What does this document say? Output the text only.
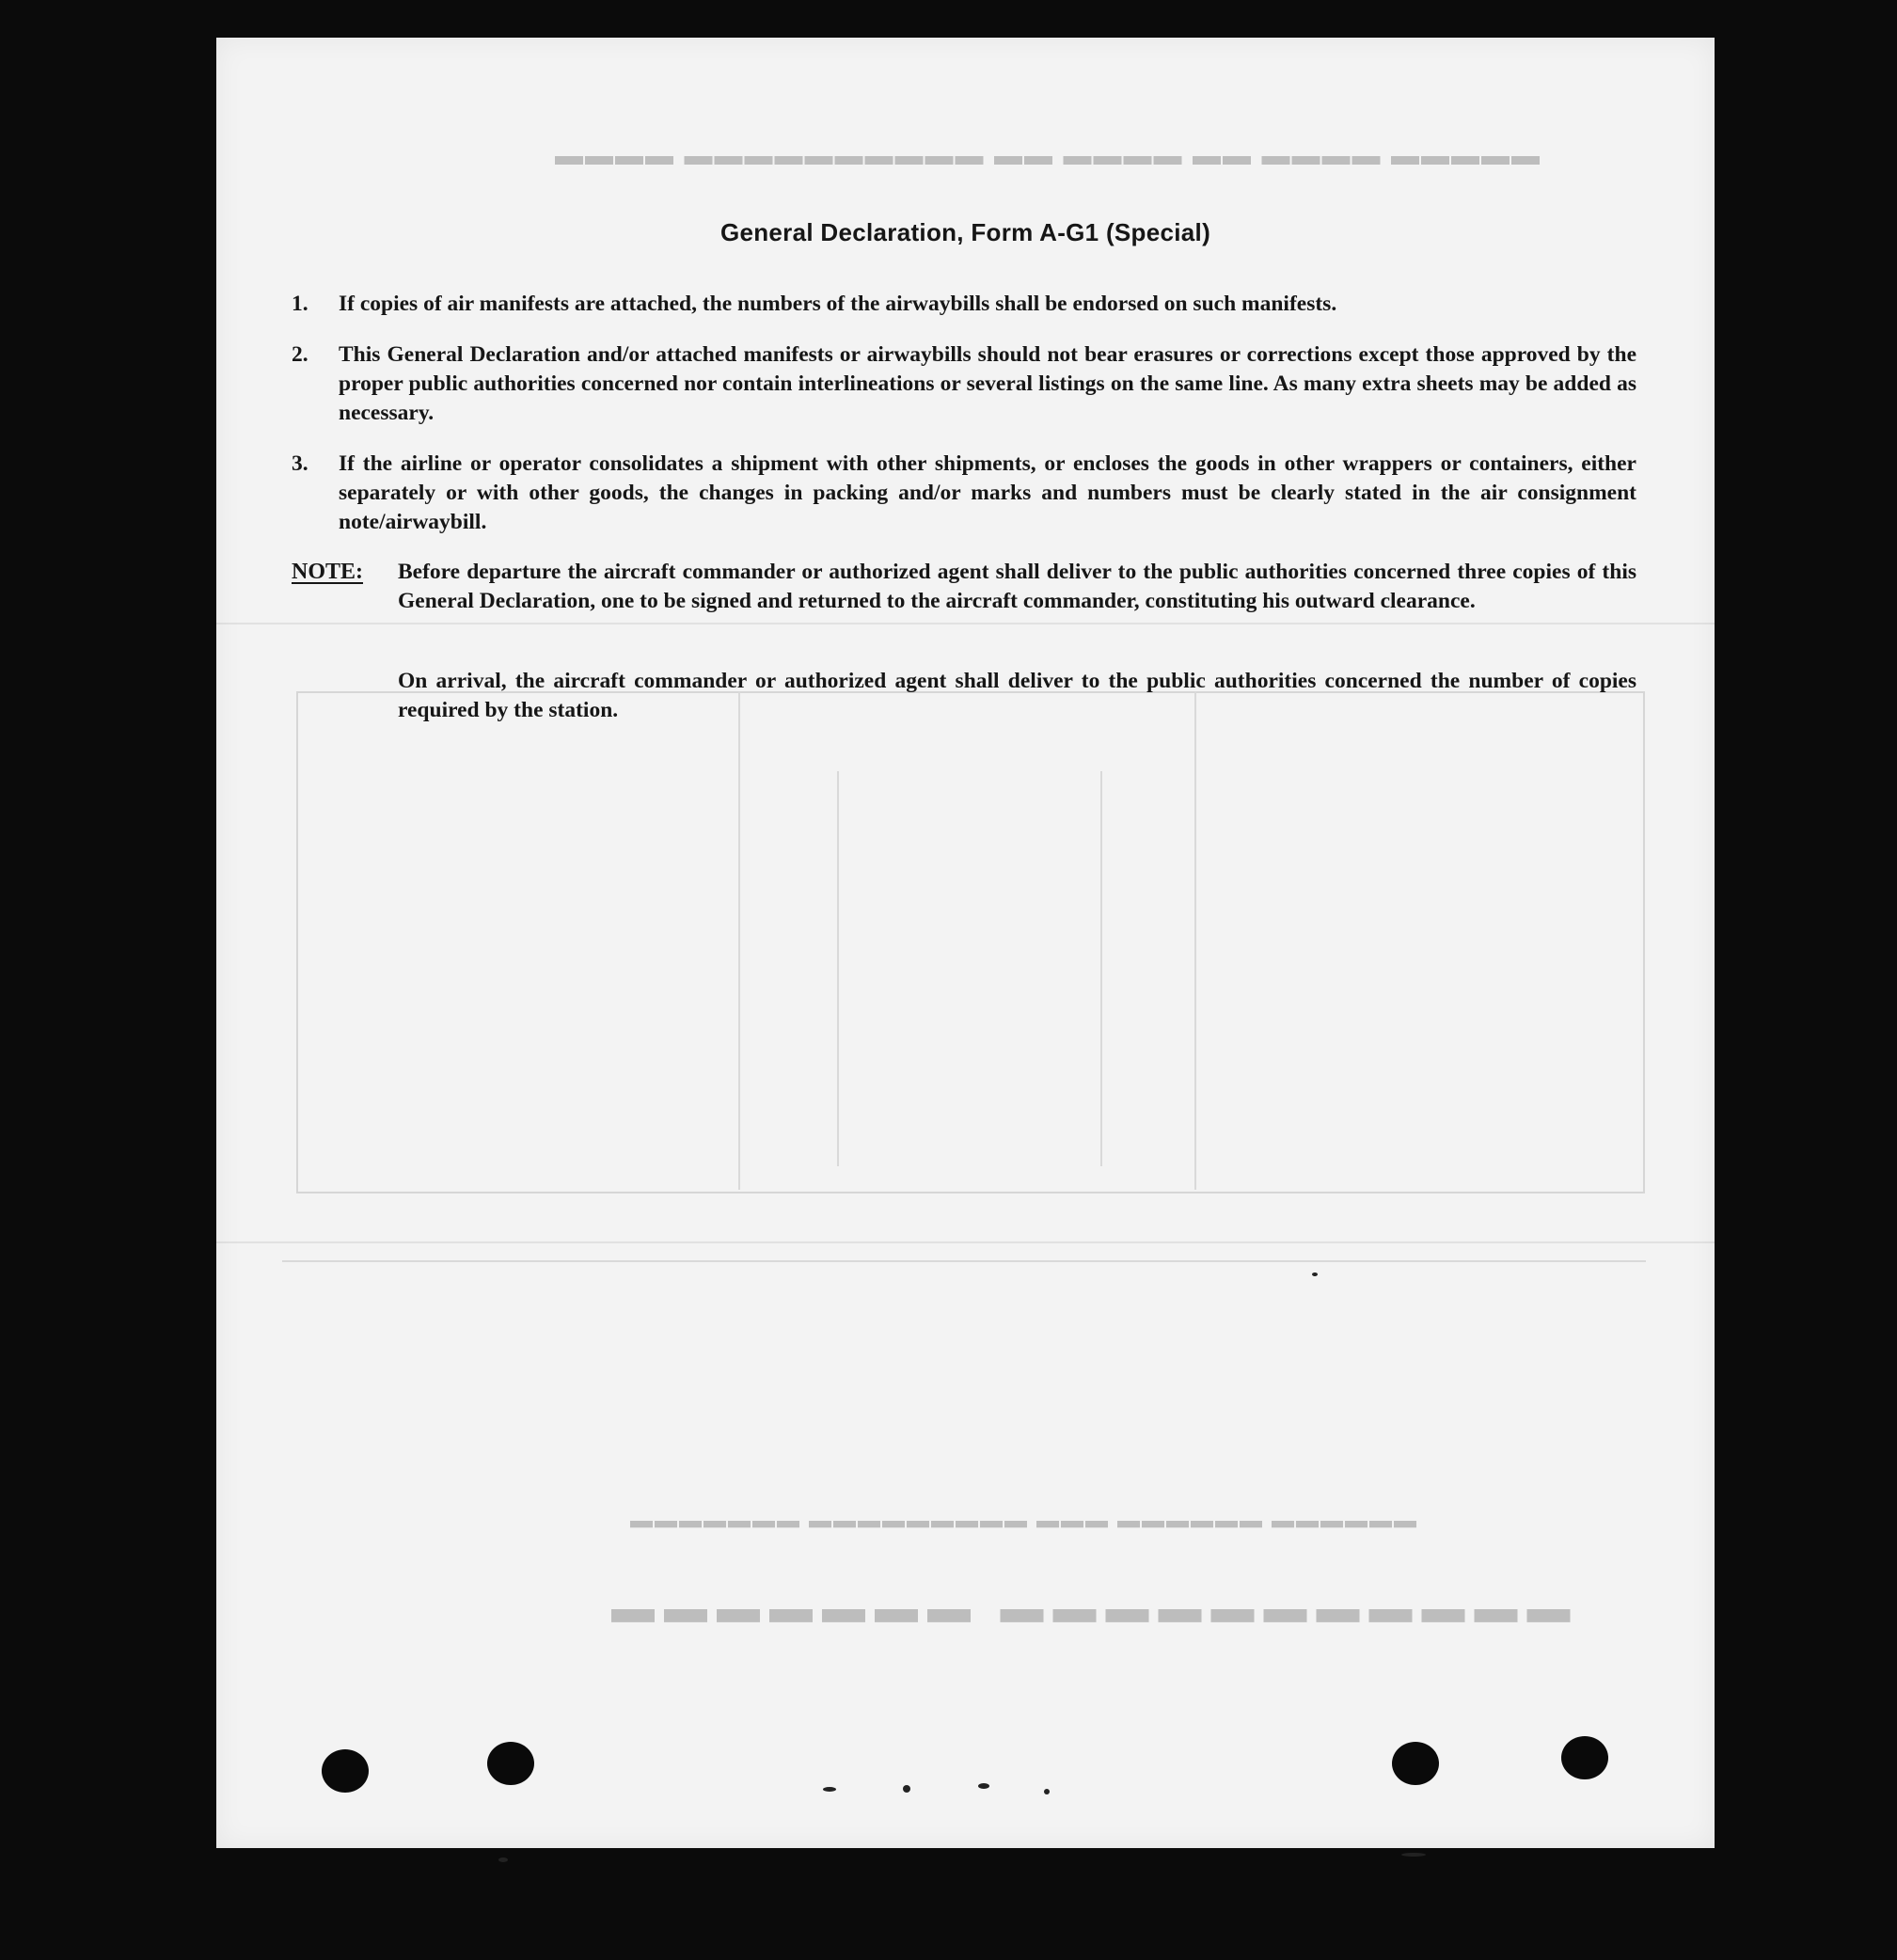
▬▬▬▬ ▬▬▬▬▬▬▬▬▬▬ ▬▬ ▬▬▬▬ ▬▬ ▬▬▬▬ ▬▬▬▬▬
▬▬▬▬▬▬▬ ▬▬▬▬▬▬▬▬▬▬▬
▬▬▬▬▬▬▬ ▬▬▬▬▬▬▬▬▬ ▬▬▬ ▬▬▬▬▬▬ ▬▬▬▬▬▬
General Declaration, Form A-G1 (Special)
1. If copies of air manifests are attached, the numbers of the airwaybills shall be endorsed on such manifests.
2. This General Declaration and/or attached manifests or airwaybills should not bear erasures or corrections except those approved by the proper public authorities concerned nor contain interlineations or several listings on the same line. As many extra sheets may be added as necessary.
3. If the airline or operator consolidates a shipment with other shipments, or encloses the goods in other wrappers or containers, either separately or with other goods, the changes in packing and/or marks and numbers must be clearly stated in the air consignment note/airwaybill.
NOTE: Before departure the aircraft commander or authorized agent shall deliver to the public authorities concerned three copies of this General Declaration, one to be signed and returned to the aircraft commander, constituting his outward clearance.
On arrival, the aircraft commander or authorized agent shall deliver to the public authorities concerned the number of copies required by the station.
